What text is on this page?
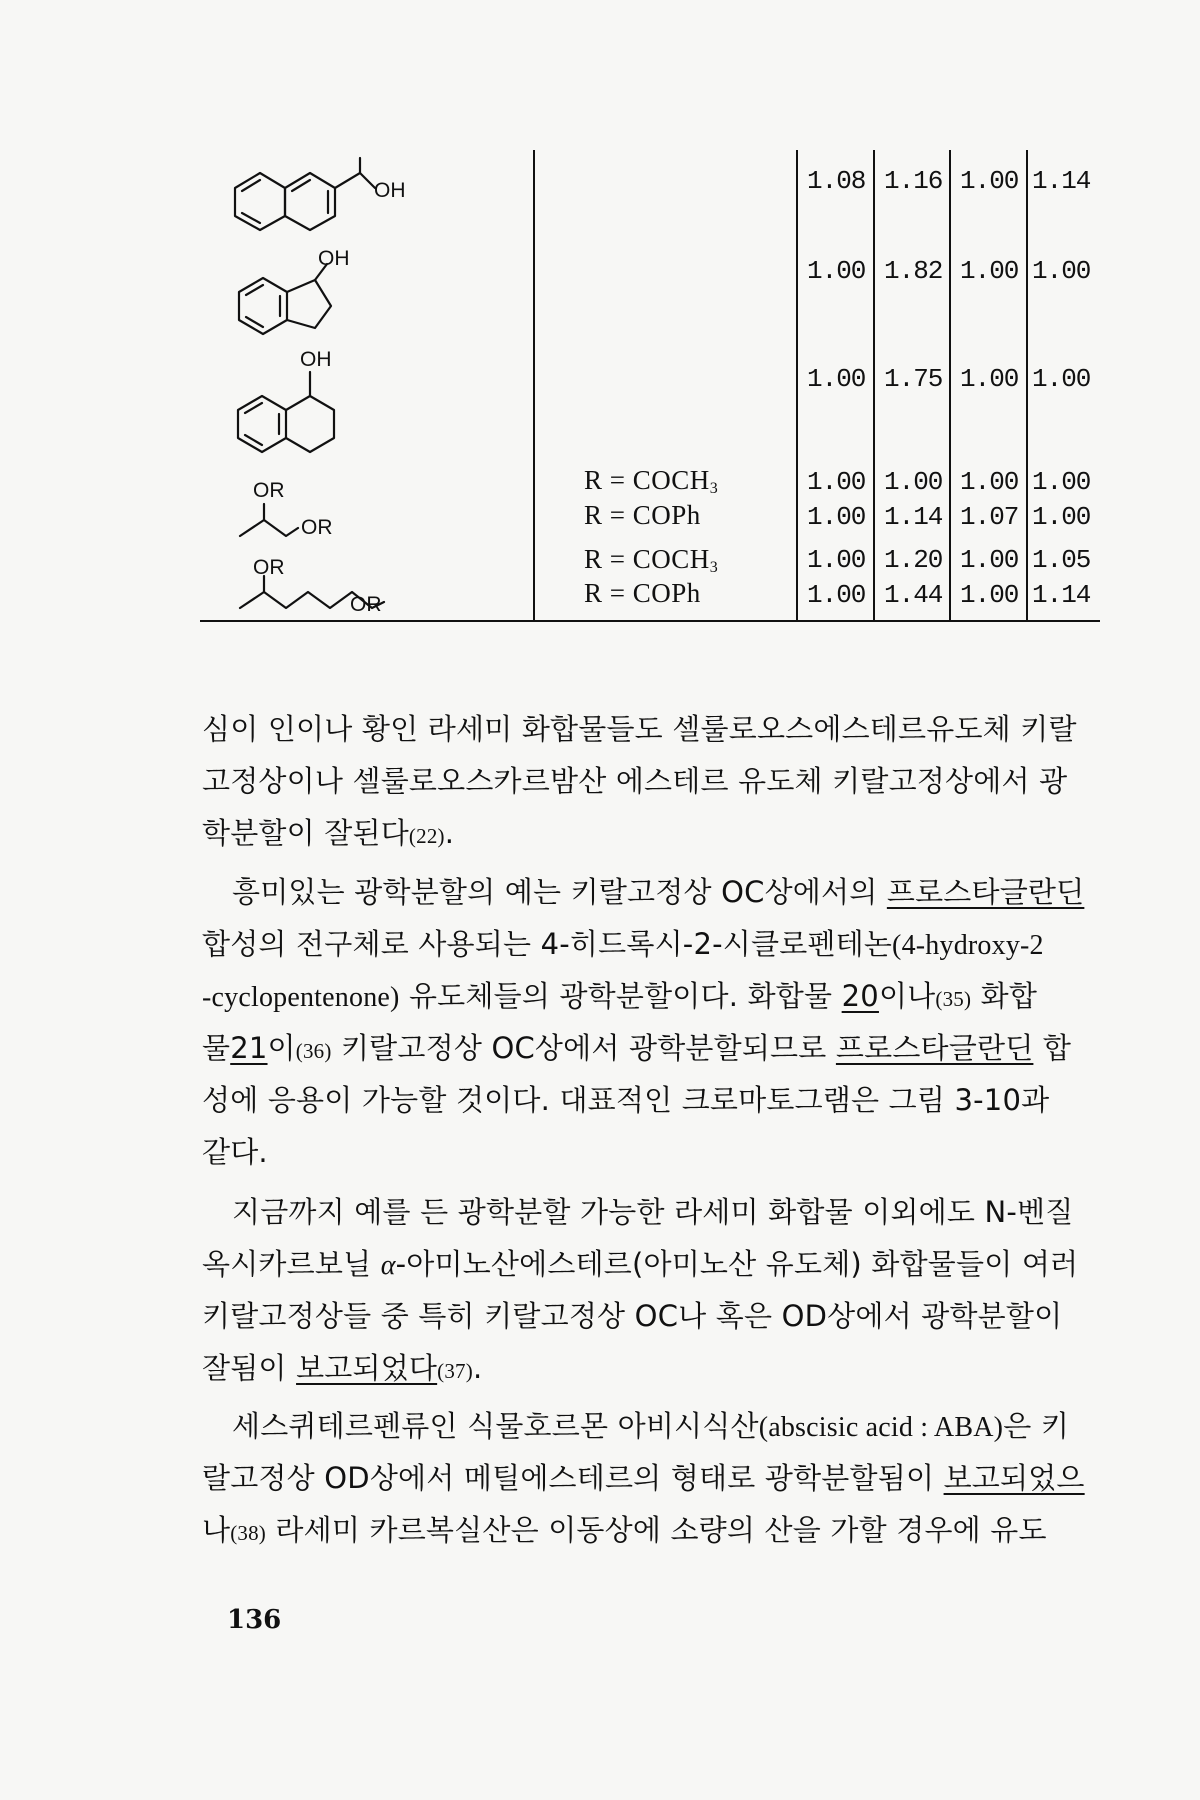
OH
OH
OH
OR
OR
OR
OR
$R = COCH_3$
R = COPh
$R = COCH_3$
R = COPh
1.08 1.16 1.00 1.14
1.00 1.82 1.00 1.00
1.00 1.75 1.00 1.00
1.00 1.00 1.00 1.00
1.00 1.14 1.07 1.00
1.00 1.20 1.00 1.05
1.00 1.44 1.00 1.14
심이 인이나 황인 라세미 화합물들도 셀룰로오스에스테르유도체 키랄
고정상이나 셀룰로오스카르밤산 에스테르 유도체 키랄고정상에서 광
학분할이 잘된다(22).
흥미있는 광학분할의 예는 키랄고정상 OC상에서의 프로스타글란딘
합성의 전구체로 사용되는 4-히드록시-2-시클로펜테논(4-hydroxy-2
-cyclopentenone) 유도체들의 광학분할이다. 화합물 20이나(35) 화합
물21이(36) 키랄고정상 OC상에서 광학분할되므로 프로스타글란딘 합
성에 응용이 가능할 것이다. 대표적인 크로마토그램은 그림 3-10과
같다.
지금까지 예를 든 광학분할 가능한 라세미 화합물 이외에도 N-벤질
옥시카르보닐 α-아미노산에스테르(아미노산 유도체) 화합물들이 여러
키랄고정상들 중 특히 키랄고정상 OC나 혹은 OD상에서 광학분할이
잘됨이 보고되었다(37).
세스퀴테르펜류인 식물호르몬 아비시식산(abscisic acid : ABA)은 키
랄고정상 OD상에서 메틸에스테르의 형태로 광학분할됨이 보고되었으
나(38) 라세미 카르복실산은 이동상에 소량의 산을 가할 경우에 유도
136
